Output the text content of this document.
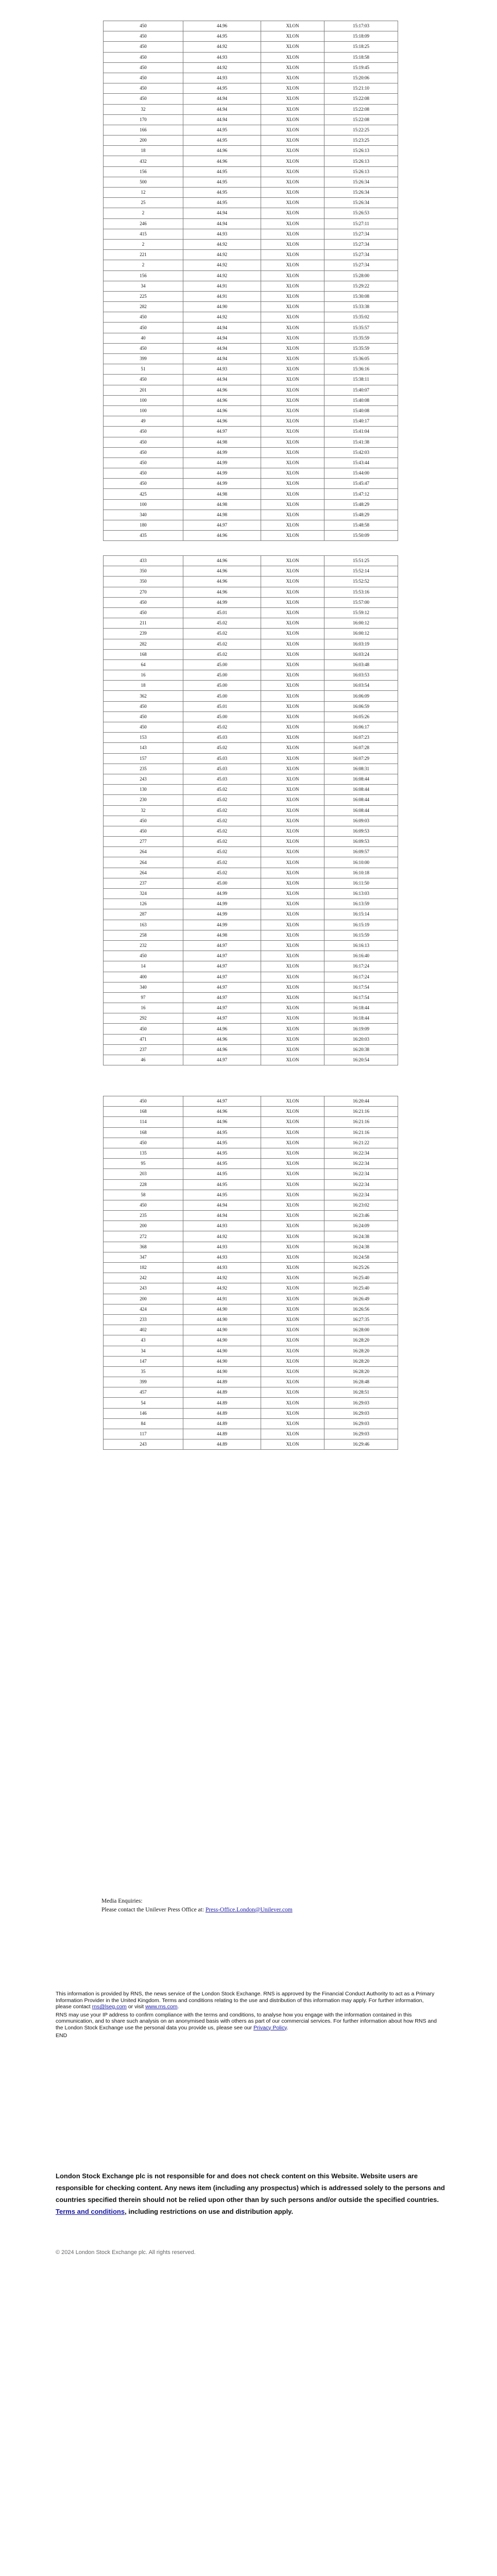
450	44.96	XLON	15:17:03
450	44.95	XLON	15:18:09
450	44.92	XLON	15:18:25
450	44.93	XLON	15:18:58
450	44.92	XLON	15:19:45
450	44.93	XLON	15:20:06
450	44.95	XLON	15:21:10
450	44.94	XLON	15:22:08
32	44.94	XLON	15:22:08
170	44.94	XLON	15:22:08
166	44.95	XLON	15:22:25
200	44.95	XLON	15:23:25
18	44.96	XLON	15:26:13
432	44.96	XLON	15:26:13
156	44.95	XLON	15:26:13
500	44.95	XLON	15:26:34
12	44.95	XLON	15:26:34
25	44.95	XLON	15:26:34
2	44.94	XLON	15:26:53
246	44.94	XLON	15:27:11
415	44.93	XLON	15:27:34
2	44.92	XLON	15:27:34
221	44.92	XLON	15:27:34
2	44.92	XLON	15:27:34
156	44.92	XLON	15:28:00
34	44.91	XLON	15:29:22
225	44.91	XLON	15:30:08
282	44.90	XLON	15:33:38
450	44.92	XLON	15:35:02
450	44.94	XLON	15:35:57
40	44.94	XLON	15:35:59
450	44.94	XLON	15:35:59
399	44.94	XLON	15:36:05
51	44.93	XLON	15:36:16
450	44.94	XLON	15:38:11
201	44.96	XLON	15:40:07
100	44.96	XLON	15:40:08
100	44.96	XLON	15:40:08
49	44.96	XLON	15:40:17
450	44.97	XLON	15:41:04
450	44.98	XLON	15:41:38
450	44.99	XLON	15:42:03
450	44.99	XLON	15:43:44
450	44.99	XLON	15:44:00
450	44.99	XLON	15:45:47
425	44.98	XLON	15:47:12
100	44.98	XLON	15:48:29
340	44.98	XLON	15:48:29
180	44.97	XLON	15:48:58
435	44.96	XLON	15:50:09
433	44.96	XLON	15:51:25
350	44.96	XLON	15:52:14
350	44.96	XLON	15:52:52
270	44.96	XLON	15:53:16
450	44.99	XLON	15:57:00
450	45.01	XLON	15:59:12
211	45.02	XLON	16:00:12
239	45.02	XLON	16:00:12
282	45.02	XLON	16:03:19
168	45.02	XLON	16:03:24
64	45.00	XLON	16:03:48
16	45.00	XLON	16:03:53
18	45.00	XLON	16:03:54
362	45.00	XLON	16:06:09
450	45.01	XLON	16:06:59
450	45.00	XLON	16:05:26
450	45.02	XLON	16:06:17
153	45.03	XLON	16:07:23
143	45.02	XLON	16:07:28
157	45.03	XLON	16:07:29
235	45.03	XLON	16:08:31
243	45.03	XLON	16:08:44
130	45.02	XLON	16:08:44
230	45.02	XLON	16:08:44
32	45.02	XLON	16:08:44
450	45.02	XLON	16:09:03
450	45.02	XLON	16:09:53
277	45.02	XLON	16:09:53
264	45.02	XLON	16:09:57
264	45.02	XLON	16:10:00
264	45.02	XLON	16:10:18
237	45.00	XLON	16:11:50
324	44.99	XLON	16:13:03
126	44.99	XLON	16:13:59
287	44.99	XLON	16:15:14
163	44.99	XLON	16:15:19
258	44.98	XLON	16:15:59
232	44.97	XLON	16:16:13
450	44.97	XLON	16:16:40
14	44.97	XLON	16:17:24
400	44.97	XLON	16:17:24
340	44.97	XLON	16:17:54
97	44.97	XLON	16:17:54
16	44.97	XLON	16:18:44
292	44.97	XLON	16:18:44
450	44.96	XLON	16:19:09
471	44.96	XLON	16:20:03
237	44.96	XLON	16:20:38
46	44.97	XLON	16:20:54
450	44.97	XLON	16:20:44
168	44.96	XLON	16:21:16
114	44.96	XLON	16:21:16
168	44.95	XLON	16:21:16
450	44.95	XLON	16:21:22
135	44.95	XLON	16:22:34
95	44.95	XLON	16:22:34
203	44.95	XLON	16:22:34
228	44.95	XLON	16:22:34
58	44.95	XLON	16:22:34
450	44.94	XLON	16:23:02
235	44.94	XLON	16:23:46
200	44.93	XLON	16:24:09
272	44.92	XLON	16:24:38
368	44.93	XLON	16:24:38
347	44.93	XLON	16:24:58
182	44.93	XLON	16:25:26
242	44.92	XLON	16:25:40
243	44.92	XLON	16:25:40
200	44.91	XLON	16:26:49
424	44.90	XLON	16:26:56
233	44.90	XLON	16:27:35
402	44.90	XLON	16:28:00
43	44.90	XLON	16:28:20
34	44.90	XLON	16:28:20
147	44.90	XLON	16:28:20
35	44.90	XLON	16:28:20
399	44.89	XLON	16:28:48
457	44.89	XLON	16:28:51
54	44.89	XLON	16:29:03
146	44.89	XLON	16:29:03
84	44.89	XLON	16:29:03
117	44.89	XLON	16:29:03
243	44.89	XLON	16:29:46
Media Enquiries:
Please contact the Unilever Press Office at: Press-Office.London@Unilever.com

This information is provided by RNS, the news service of the London Stock Exchange. RNS is approved by the Financial Conduct Authority to act as a Primary Information Provider in the United Kingdom. Terms and conditions relating to the use and distribution of this information may apply. For further information, please contact rns@lseg.com or visit www.rns.com.

RNS may use your IP address to confirm compliance with the terms and conditions, to analyse how you engage with the information contained in this communication, and to share such analysis on an anonymised basis with others as part of our commercial services. For further information about how RNS and the London Stock Exchange use the personal data you provide us, please see our Privacy Policy.

END

London Stock Exchange plc is not responsible for and does not check content on this Website. Website users are responsible for checking content. Any news item (including any prospectus) which is addressed solely to the persons and countries specified therein should not be relied upon other than by such persons and/or outside the specified countries. Terms and conditions, including restrictions on use and distribution apply.
© 2024 London Stock Exchange plc. All rights reserved.
